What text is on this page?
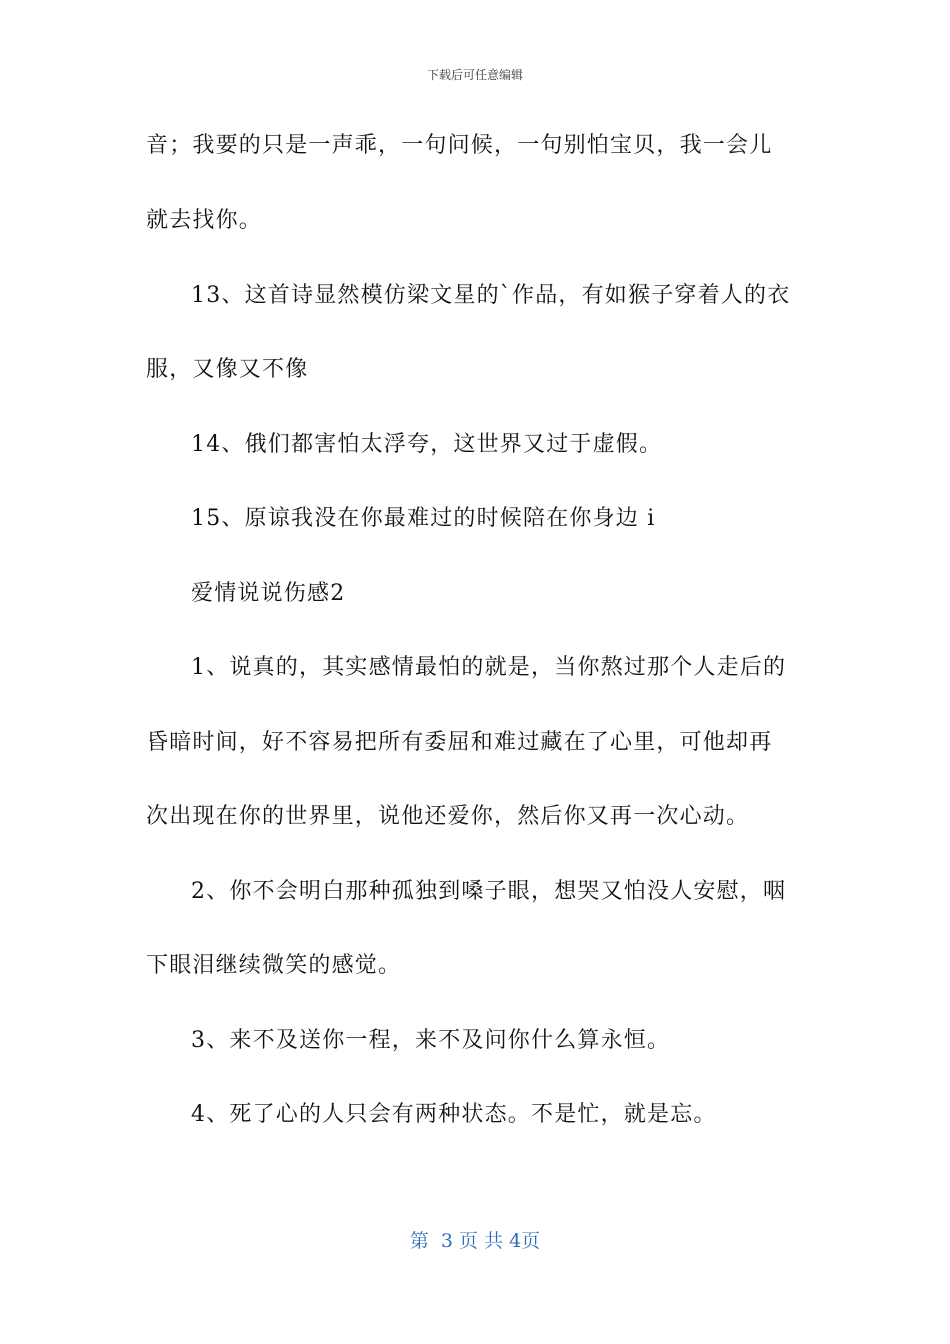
下载后可任意编辑
音；我要的只是一声乖，一句问候，一句别怕宝贝，我一会儿
就去找你。
13、这首诗显然模仿梁文星的`作品，有如猴子穿着人的衣
服，又像又不像
14、俄们都害怕太浮夸，这世界又过于虚假。
15、原谅我没在你最难过的时候陪在你身边 i
爱情说说伤感2
1、说真的，其实感情最怕的就是，当你熬过那个人走后的
昏暗时间，好不容易把所有委屈和难过藏在了心里，可他却再
次出现在你的世界里，说他还爱你，然后你又再一次心动。
2、你不会明白那种孤独到嗓子眼，想哭又怕没人安慰，咽
下眼泪继续微笑的感觉。
3、来不及送你一程，来不及问你什么算永恒。
4、死了心的人只会有两种状态。不是忙，就是忘。
第  3 页 共 4页
